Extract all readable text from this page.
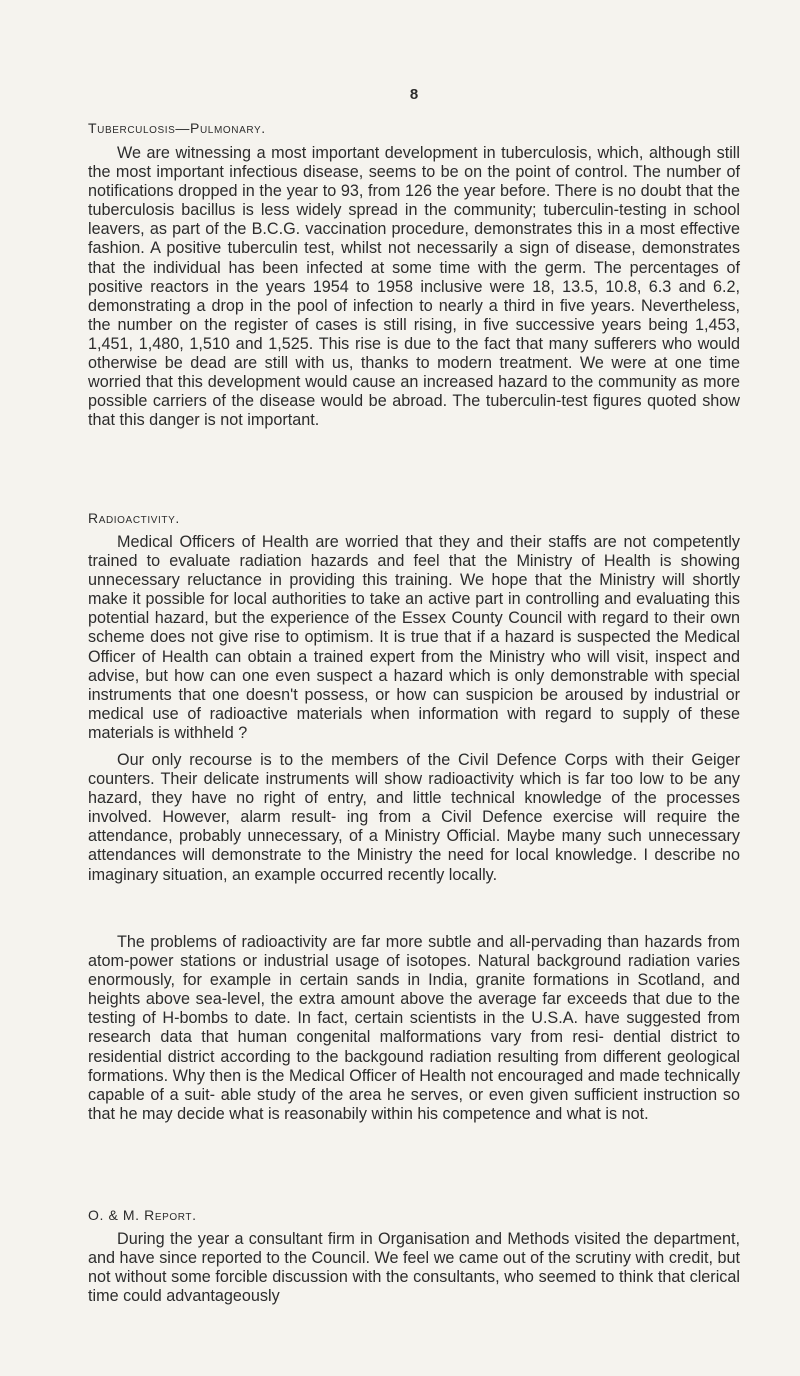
8
Tuberculosis—Pulmonary.

We are witnessing a most important development in tuberculosis, which, although still the most important infectious disease, seems to be on the point of control. The number of notifications dropped in the year to 93, from 126 the year before. There is no doubt that the tuberculosis bacillus is less widely spread in the community; tuberculin-testing in school leavers, as part of the B.C.G. vaccination procedure, demonstrates this in a most effective fashion. A positive tuberculin test, whilst not necessarily a sign of disease, demonstrates that the individual has been infected at some time with the germ. The percentages of positive reactors in the years 1954 to 1958 inclusive were 18, 13.5, 10.8, 6.3 and 6.2, demonstrating a drop in the pool of infection to nearly a third in five years. Nevertheless, the number on the register of cases is still rising, in five successive years being 1,453, 1,451, 1,480, 1,510 and 1,525. This rise is due to the fact that many sufferers who would otherwise be dead are still with us, thanks to modern treatment. We were at one time worried that this development would cause an increased hazard to the community as more possible carriers of the disease would be abroad. The tuberculin-test figures quoted show that this danger is not important.

Radioactivity.

Medical Officers of Health are worried that they and their staffs are not competently trained to evaluate radiation hazards and feel that the Ministry of Health is showing unnecessary reluctance in providing this training. We hope that the Ministry will shortly make it possible for local authorities to take an active part in controlling and evaluating this potential hazard, but the experience of the Essex County Council with regard to their own scheme does not give rise to optimism. It is true that if a hazard is suspected the Medical Officer of Health can obtain a trained expert from the Ministry who will visit, inspect and advise, but how can one even suspect a hazard which is only demonstrable with special instruments that one doesn't possess, or how can suspicion be aroused by industrial or medical use of radioactive materials when information with regard to supply of these materials is withheld ?

Our only recourse is to the members of the Civil Defence Corps with their Geiger counters. Their delicate instruments will show radioactivity which is far too low to be any hazard, they have no right of entry, and little technical knowledge of the processes involved. However, alarm result- ing from a Civil Defence exercise will require the attendance, probably unnecessary, of a Ministry Official. Maybe many such unnecessary attendances will demonstrate to the Ministry the need for local knowledge. I describe no imaginary situation, an example occurred recently locally.

The problems of radioactivity are far more subtle and all-pervading than hazards from atom-power stations or industrial usage of isotopes. Natural background radiation varies enormously, for example in certain sands in India, granite formations in Scotland, and heights above sea-level, the extra amount above the average far exceeds that due to the testing of H-bombs to date. In fact, certain scientists in the U.S.A. have suggested from research data that human congenital malformations vary from resi- dential district to residential district according to the backgound radiation resulting from different geological formations. Why then is the Medical Officer of Health not encouraged and made technically capable of a suit- able study of the area he serves, or even given sufficient instruction so that he may decide what is reasonabily within his competence and what is not.

O. & M. Report.

During the year a consultant firm in Organisation and Methods visited the department, and have since reported to the Council. We feel we came out of the scrutiny with credit, but not without some forcible discussion with the consultants, who seemed to think that clerical time could advantageously
